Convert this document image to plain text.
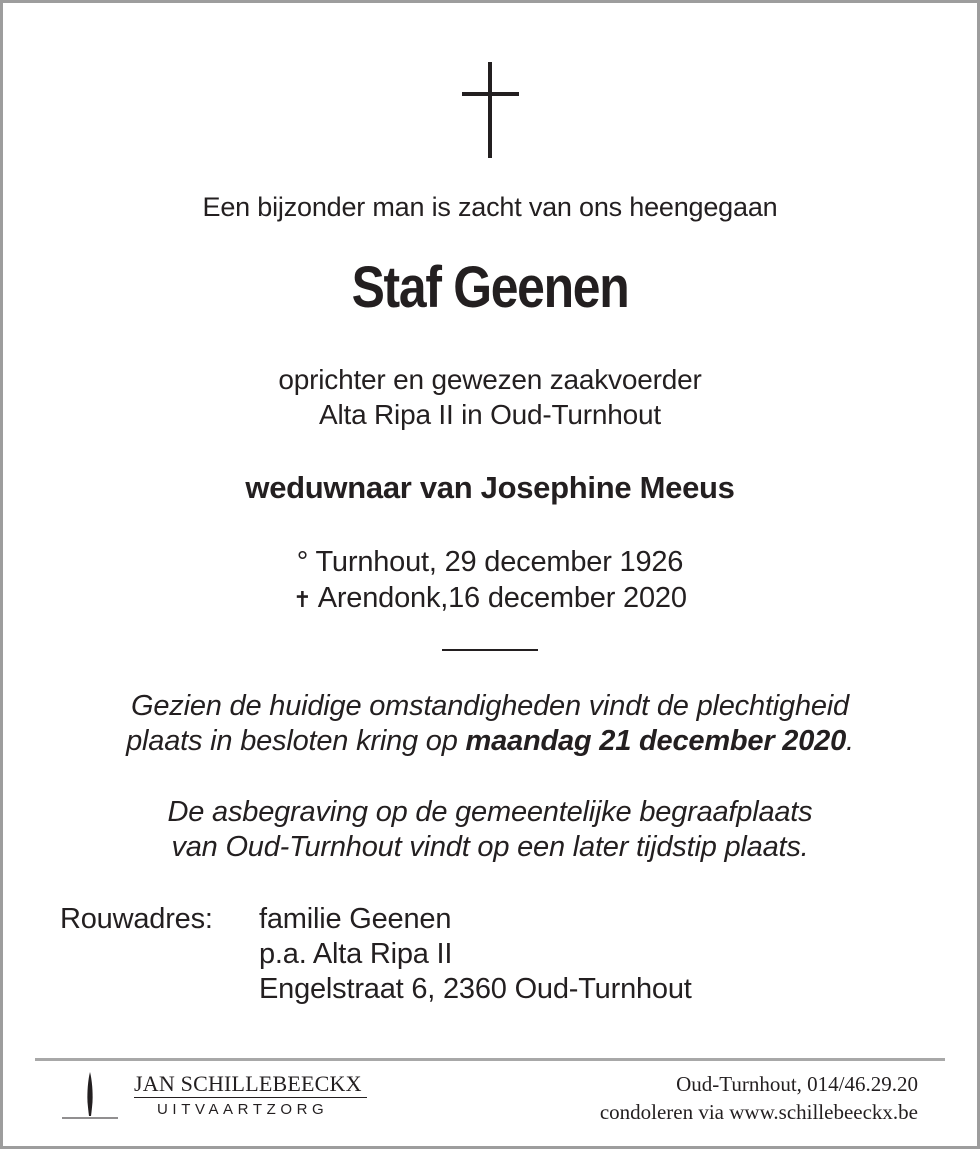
Een bijzonder man is zacht van ons heengegaan
Staf Geenen
oprichter en gewezen zaakvoerder
Alta Ripa II in Oud-Turnhout
weduwnaar van Josephine Meeus
° Turnhout, 29 december 1926
✝ Arendonk,16 december 2020
Gezien de huidige omstandigheden vindt de plechtigheid
plaats in besloten kring op maandag 21 december 2020.
De asbegraving op de gemeentelijke begraafplaats
van Oud-Turnhout vindt op een later tijdstip plaats.
Rouwadres: familie Geenen
p.a. Alta Ripa II
Engelstraat 6, 2360 Oud-Turnhout
JAN SCHILLEBEECKX
UITVAARTZORG
Oud-Turnhout, 014/46.29.20
condoleren via www.schillebeeckx.be
